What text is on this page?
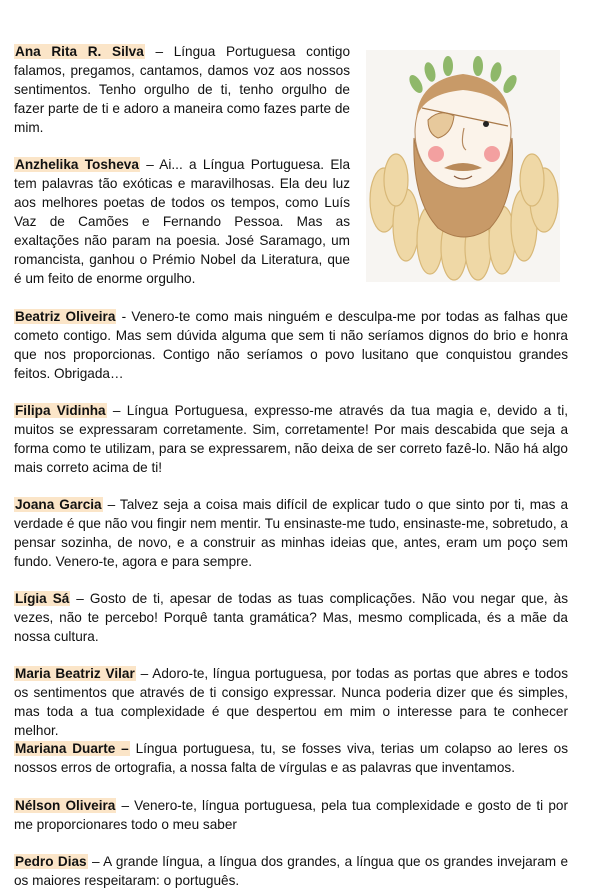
Ana Rita R. Silva – Língua Portuguesa contigo falamos, pregamos, cantamos, damos voz aos nossos sentimentos. Tenho orgulho de ti, tenho orgulho de fazer parte de ti e adoro a maneira como fazes parte de mim.

Anzhelika Tosheva – Ai... a Língua Portuguesa. Ela tem palavras tão exóticas e maravilhosas. Ela deu luz aos melhores poetas de todos os tempos, como Luís Vaz de Camões e Fernando Pessoa. Mas as exaltações não param na poesia. José Saramago, um romancista, ganhou o Prémio Nobel da Literatura, que é um feito de enorme orgulho.

Beatriz Oliveira - Venero-te como mais ninguém e desculpa-me por todas as falhas que cometo contigo. Mas sem dúvida alguma que sem ti não seríamos dignos do brio e honra que nos proporcionas. Contigo não seríamos o povo lusitano que conquistou grandes feitos. Obrigada…

Filipa Vidinha – Língua Portuguesa, expresso-me através da tua magia e, devido a ti, muitos se expressaram corretamente. Sim, corretamente! Por mais descabida que seja a forma como te utilizam, para se expressarem, não deixa de ser correto fazê-lo. Não há algo mais correto acima de ti!

Joana Garcia – Talvez seja a coisa mais difícil de explicar tudo o que sinto por ti, mas a verdade é que não vou fingir nem mentir. Tu ensinaste-me tudo, ensinaste-me, sobretudo, a pensar sozinha, de novo, e a construir as minhas ideias que, antes, eram um poço sem fundo. Venero-te, agora e para sempre.

Lígia Sá – Gosto de ti, apesar de todas as tuas complicações. Não vou negar que, às vezes, não te percebo! Porquê tanta gramática? Mas, mesmo complicada, és a mãe da nossa cultura.

Maria Beatriz Vilar – Adoro-te, língua portuguesa, por todas as portas que abres e todos os sentimentos que através de ti consigo expressar. Nunca poderia dizer que és simples, mas toda a tua complexidade é que despertou em mim o interesse para te conhecer melhor.

Mariana Duarte – Língua portuguesa, tu, se fosses viva, terias um colapso ao leres os nossos erros de ortografia, a nossa falta de vírgulas e as palavras que inventamos.

Nélson Oliveira – Venero-te, língua portuguesa, pela tua complexidade e gosto de ti por me proporcionares todo o meu saber

Pedro Dias – A grande língua, a língua dos grandes, a língua que os grandes invejaram e os maiores respeitaram: o português.
